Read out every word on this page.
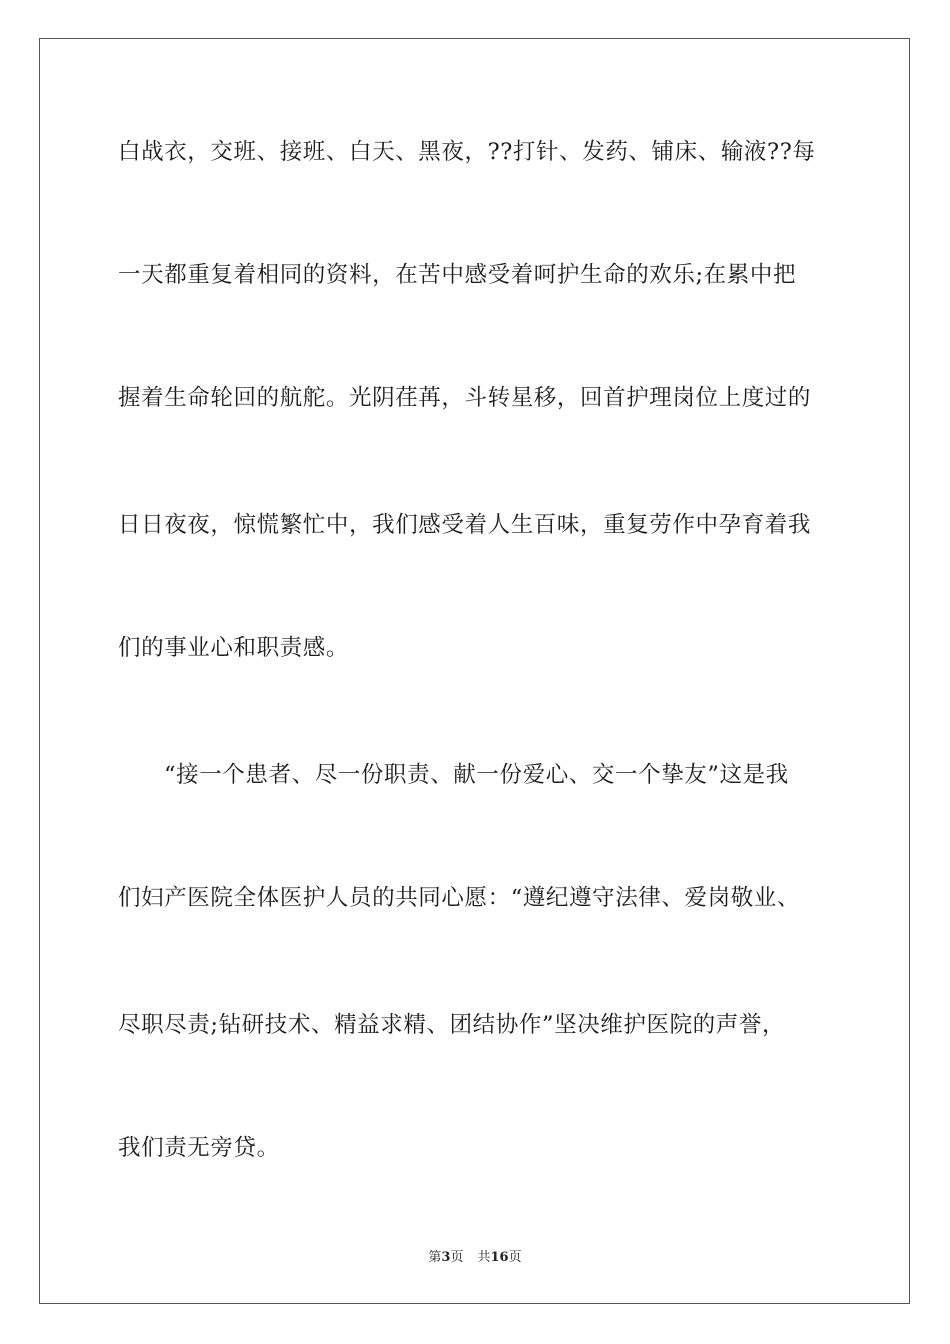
白战衣，交班、接班、白天、黑夜，??打针、发药、铺床、输液??每
一天都重复着相同的资料，在苦中感受着呵护生命的欢乐;在累中把
握着生命轮回的航舵。光阴荏苒，斗转星移，回首护理岗位上度过的
日日夜夜，惊慌繁忙中，我们感受着人生百味，重复劳作中孕育着我
们的事业心和职责感。
“接一个患者、尽一份职责、献一份爱心、交一个挚友”这是我
们妇产医院全体医护人员的共同心愿：“遵纪遵守法律、爱岗敬业、
尽职尽责;钻研技术、精益求精、团结协作”坚决维护医院的声誉，
我们责无旁贷。
第3页 共16页
